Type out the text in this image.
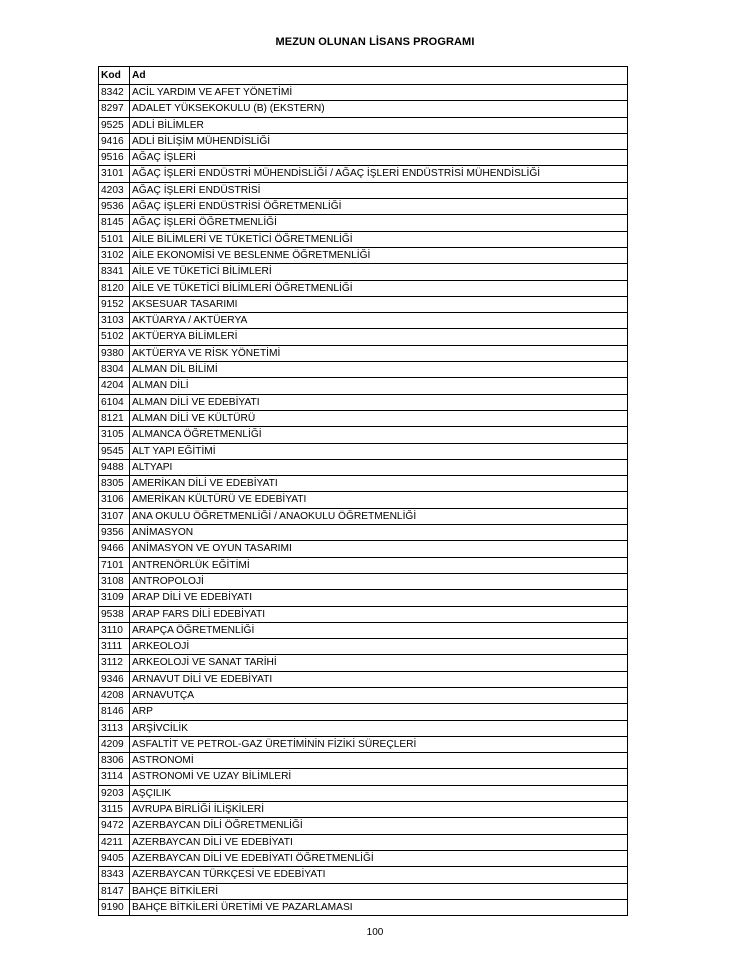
MEZUN OLUNAN LİSANS PROGRAMI
Kod	Ad
8342	ACİL YARDIM VE AFET YÖNETİMİ
8297	ADALET YÜKSEKOKULU (B) (EKSTERN)
9525	ADLİ BİLİMLER
9416	ADLİ BİLİŞİM MÜHENDİSLİĞİ
9516	AĞAÇ İŞLERİ
3101	AĞAÇ İŞLERİ ENDÜSTRİ MÜHENDİSLİĞİ / AĞAÇ İŞLERİ ENDÜSTRİSİ MÜHENDİSLİĞİ
4203	AĞAÇ İŞLERİ ENDÜSTRİSİ
9536	AĞAÇ İŞLERİ ENDÜSTRİSİ ÖĞRETMENLİĞİ
8145	AĞAÇ İŞLERİ ÖĞRETMENLİĞİ
5101	AİLE BİLİMLERİ VE TÜKETİCİ ÖĞRETMENLİĞİ
3102	AİLE EKONOMİSİ VE BESLENME ÖĞRETMENLİĞİ
8341	AİLE VE TÜKETİCİ BİLİMLERİ
8120	AİLE VE TÜKETİCİ BİLİMLERİ ÖĞRETMENLİĞİ
9152	AKSESUAR TASARIMI
3103	AKTÜARYA / AKTÜERYA
5102	AKTÜERYA BİLİMLERİ
9380	AKTÜERYA VE RİSK YÖNETİMİ
8304	ALMAN DİL BİLİMİ
4204	ALMAN DİLİ
6104	ALMAN DİLİ VE EDEBİYATI
8121	ALMAN DİLİ VE KÜLTÜRÜ
3105	ALMANCA ÖĞRETMENLİĞİ
9545	ALT YAPI EĞİTİMİ
9488	ALTYAPI
8305	AMERİKAN DİLİ VE EDEBİYATI
3106	AMERİKAN KÜLTÜRÜ VE EDEBİYATI
3107	ANA OKULU ÖĞRETMENLİĞİ / ANAOKULU ÖĞRETMENLİĞİ
9356	ANİMASYON
9466	ANİMASYON VE OYUN TASARIMI
7101	ANTRENÖRLÜK EĞİTİMİ
3108	ANTROPOLOJİ
3109	ARAP DİLİ VE EDEBİYATI
9538	ARAP FARS DİLİ EDEBİYATI
3110	ARAPÇA ÖĞRETMENLİĞİ
3111	ARKEOLOJİ
3112	ARKEOLOJİ VE SANAT TARİHİ
9346	ARNAVUT DİLİ VE EDEBİYATI
4208	ARNAVUTÇA
8146	ARP
3113	ARŞİVCİLİK
4209	ASFALTİT VE PETROL-GAZ ÜRETİMİNİN FİZİKİ SÜREÇLERİ
8306	ASTRONOMİ
3114	ASTRONOMİ VE UZAY BİLİMLERİ
9203	AŞÇILIK
3115	AVRUPA BİRLİĞİ İLİŞKİLERİ
9472	AZERBAYCAN DİLİ ÖĞRETMENLİĞİ
4211	AZERBAYCAN DİLİ VE EDEBİYATI
9405	AZERBAYCAN DİLİ VE EDEBİYATI ÖĞRETMENLİĞİ
8343	AZERBAYCAN TÜRKÇESİ VE EDEBİYATI
8147	BAHÇE BİTKİLERİ
9190	BAHÇE BİTKİLERİ ÜRETİMİ VE PAZARLAMASI
100
